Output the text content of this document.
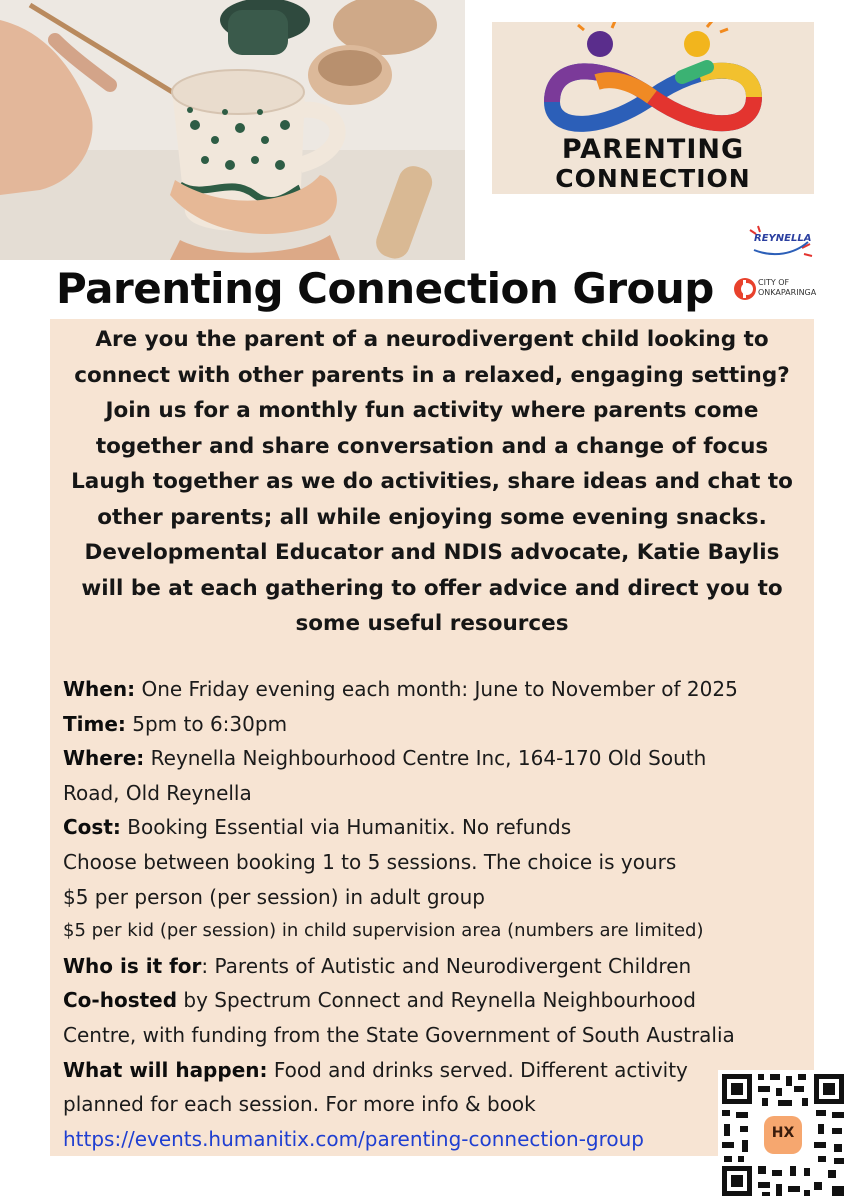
PARENTING
CONNECTION
REYNELLA
CITY OF
ONKAPARINGA
Parenting Connection Group
Are you the parent of a neurodivergent child looking to
connect with other parents in a relaxed, engaging setting?
Join us for a monthly fun activity where parents come
together and share conversation and a change of focus
Laugh together as we do activities, share ideas and chat to
other parents; all while enjoying some evening snacks.
Developmental Educator and NDIS advocate, Katie Baylis
will be at each gathering to offer advice and direct you to
some useful resources
When: One Friday evening each month: June to November of 2025
Time: 5pm to 6:30pm
Where: Reynella Neighbourhood Centre Inc, 164-170 Old South
Road, Old Reynella
Cost: Booking Essential via Humanitix. No refunds
Choose between booking 1 to 5 sessions. The choice is yours
$5 per person (per session) in adult group
$5 per kid (per session) in child supervision area (numbers are limited)
Who is it for: Parents of Autistic and Neurodivergent Children
Co-hosted by Spectrum Connect and Reynella Neighbourhood
Centre, with funding from the State Government of South Australia
What will happen: Food and drinks served. Different activity
planned for each session. For more info & book
https://events.humanitix.com/parenting-connection-group	HX
